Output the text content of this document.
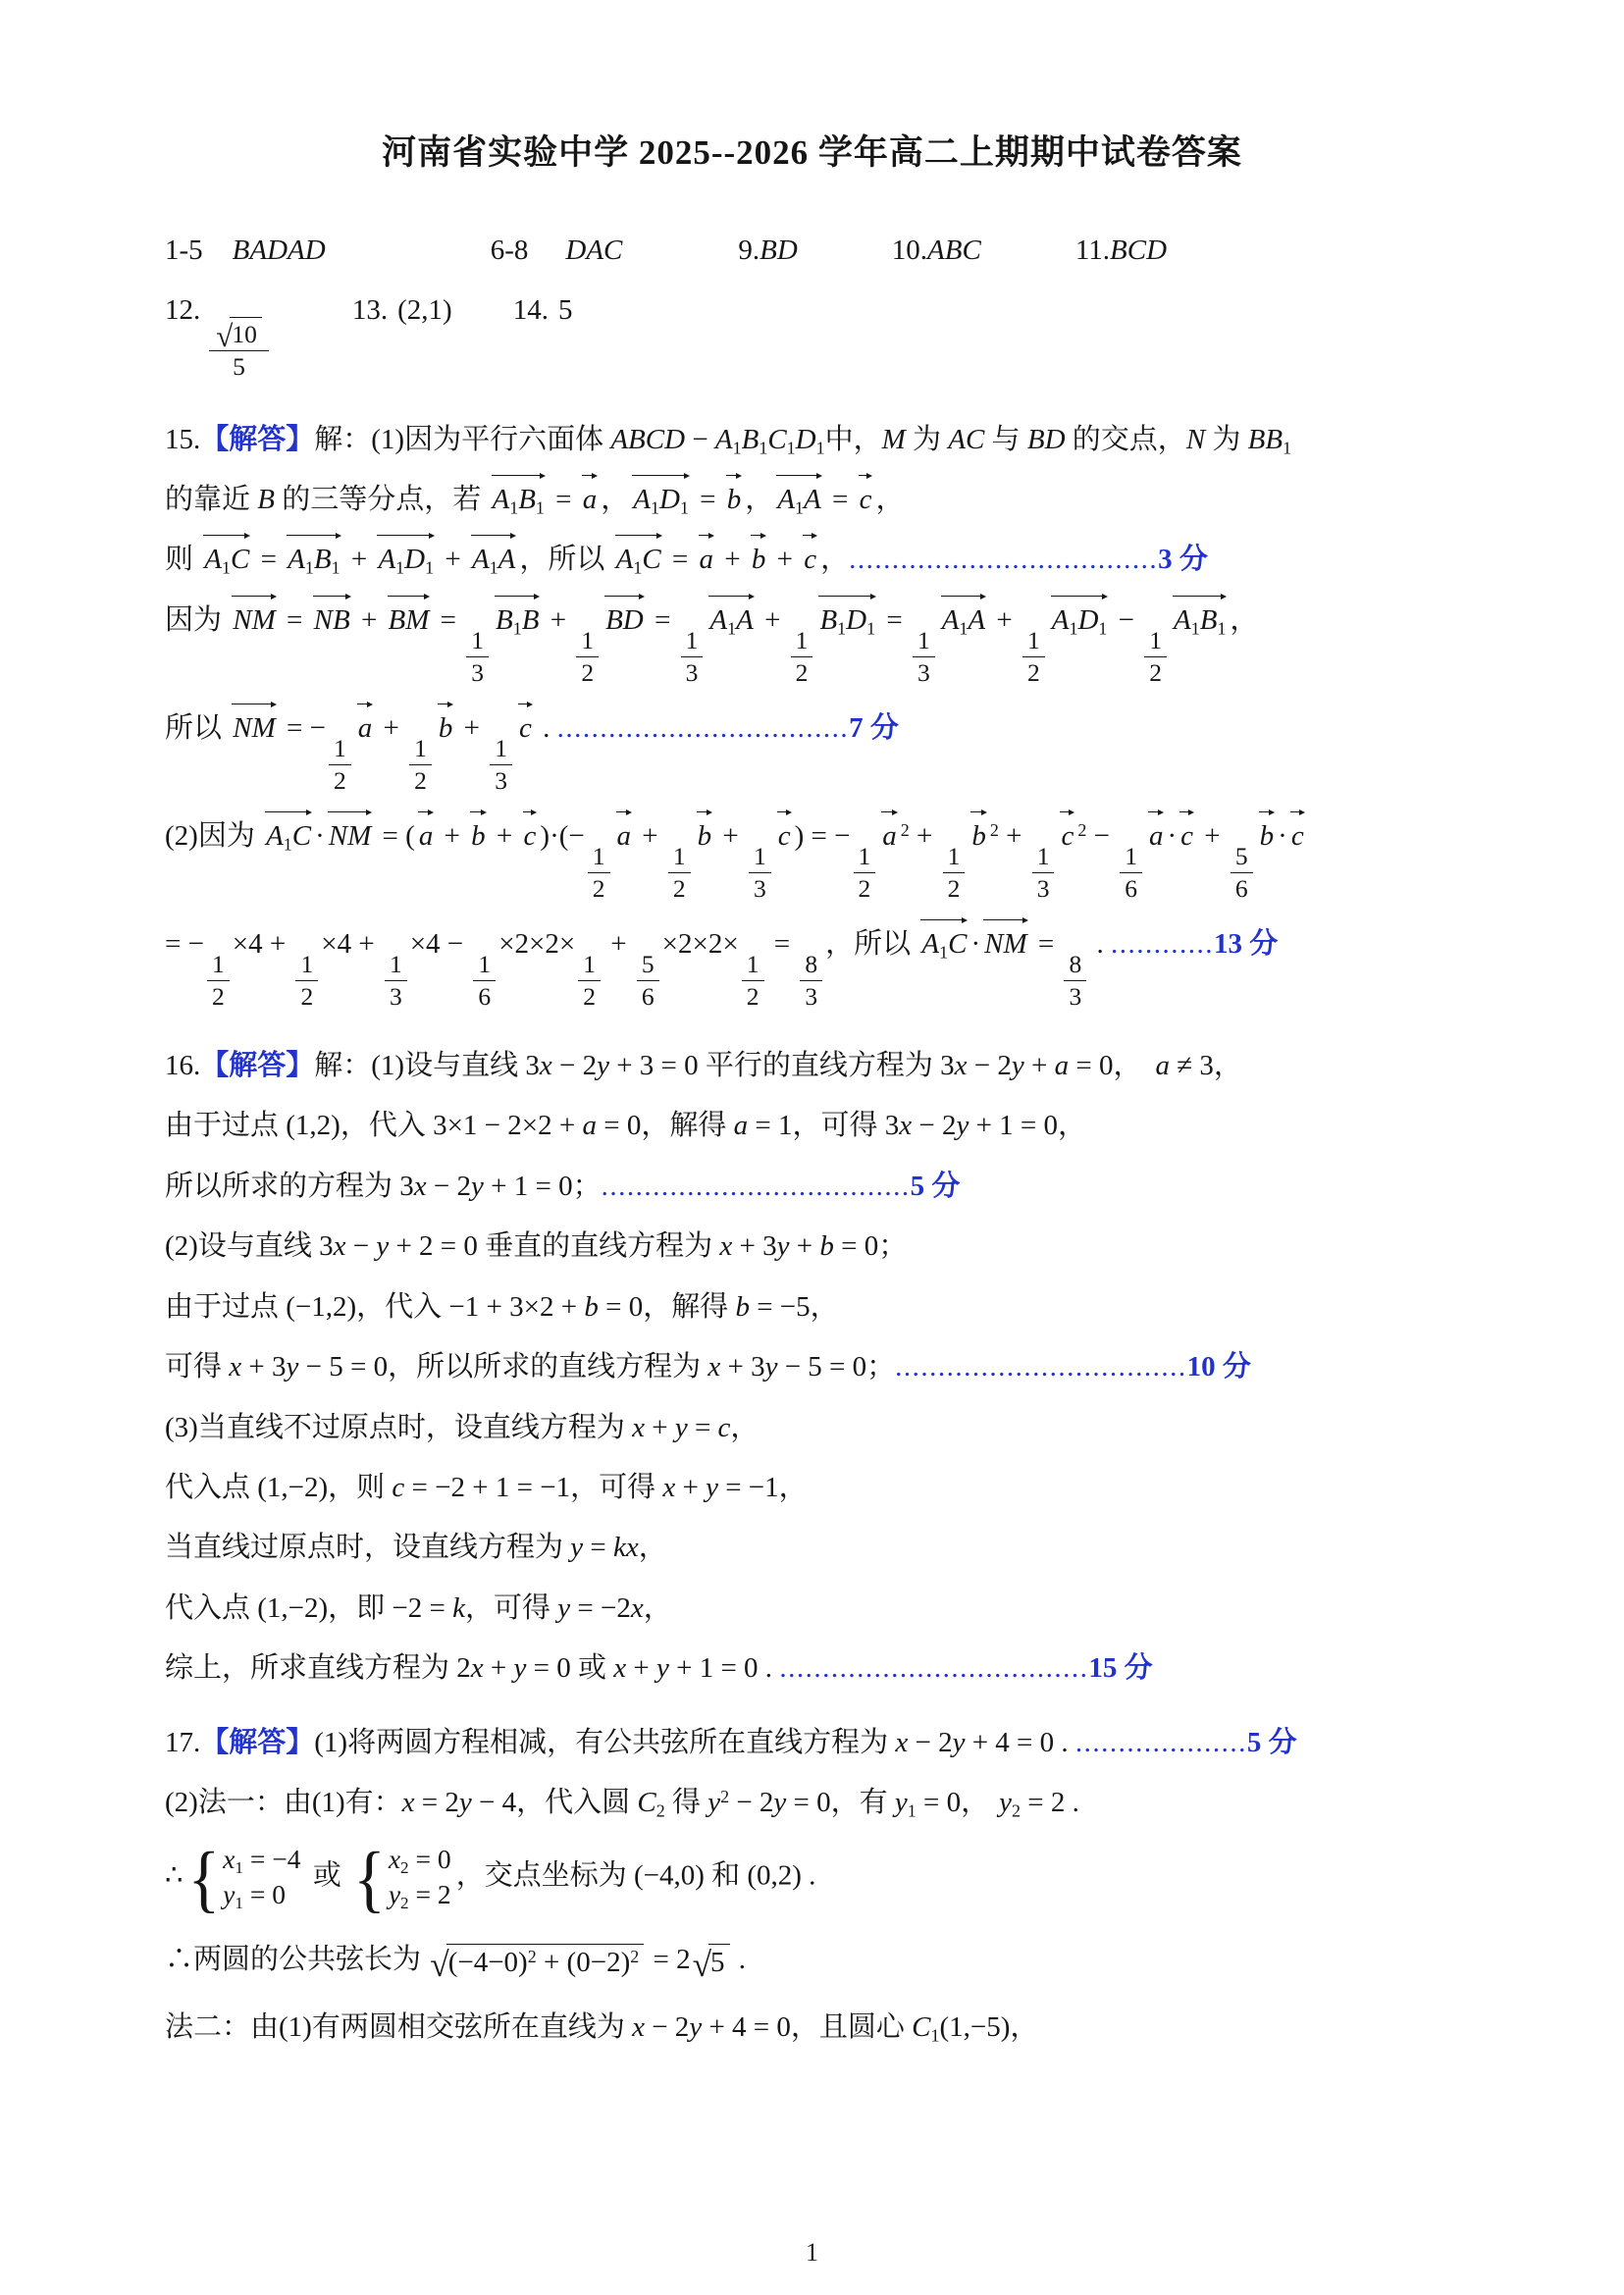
河南省实验中学 2025--2026 学年高二上期期中试卷答案
1-5 BADAD	6-8 DAC	9.BD	10.ABC	11.BCD
12.
$\frac{√ 10}{5}$
13. (2,1) 14. 5
15.【解答】解：(1)因为平行六面体 ABCD − $A_1B_1C_1D_1$中，M 为 AC 与 BD 的交点，N 为 $BB_1$
的靠近 B 的三等分点，若
$A_1B_1$ =
a ， $A_1D_1$ =
b ， $A_1A$ =
c ，
则
$A_1C$ =
$A_1B_1$ +
$A_1D_1$ +
$A_1A$ ，所以
$A_1C$ =
a +
b +
c ，....................................3 分
因为
NM =
NB +
BM =
$\frac{1}{3}$
$B_1B$ +
$\frac{1}{2}$
BD =
$\frac{1}{3}$
$A_1A$ +
$\frac{1}{2}$
$B_1D_1$ =
$\frac{1}{3}$
$A_1A$ +
$\frac{1}{2}$
$A_1D_1$ −
$\frac{1}{2}$
$A_1B_1$ ，
所以
NM = −
$\frac{1}{2}$
a +
$\frac{1}{2}$
b +
$\frac{1}{3}$
c . ..................................7 分
(2)因为
$A_1C$ · NM = ( a +
b +
c )·(−
$\frac{1}{2}$
a +
$\frac{1}{2}$
b +
$\frac{1}{3}$
c ) = −
$\frac{1}{2}$
a $^2$ +
$\frac{1}{2}$
b $^2$ +
$\frac{1}{3}$
c $^2$ −
$\frac{1}{6}$
a · c +
$\frac{5}{6}$
b · c
= −
$\frac{1}{2}$
×4 +
$\frac{1}{2}$
×4 +
$\frac{1}{3}$
×4 −
$\frac{1}{6}$
×2×2×
$\frac{1}{2}$
+
$\frac{5}{6}$
×2×2×
$\frac{1}{2}$
=
$\frac{8}{3}$
，所以
$A_1C$ · NM =
$\frac{8}{3}$
. ............13 分
16.【解答】解：(1)设与直线 3x − 2y + 3 = 0 平行的直线方程为 3x − 2y + a = 0， a ≠ 3，
由于过点 (1,2)，代入 3×1 − 2×2 + a = 0，解得 a = 1，可得 3x − 2y + 1 = 0，
所以所求的方程为 3x − 2y + 1 = 0；....................................5 分
(2)设与直线 3x − y + 2 = 0 垂直的直线方程为 x + 3y + b = 0；
由于过点 (−1,2)，代入 −1 + 3×2 + b = 0，解得 b = −5，
可得 x + 3y − 5 = 0，所以所求的直线方程为 x + 3y − 5 = 0；..................................10 分
(3)当直线不过原点时，设直线方程为 x + y = c，
代入点 (1,−2)，则 c = −2 + 1 = −1，可得 x + y = −1，
当直线过原点时，设直线方程为 y = kx，
代入点 (1,−2)，即 −2 = k，可得 y = −2x，
综上，所求直线方程为 2x + y = 0 或 x + y + 1 = 0 . ....................................15 分
17.【解答】(1)将两圆方程相减，有公共弦所在直线方程为 x − 2y + 4 = 0 . ....................5 分
(2)法一：由(1)有：x = 2y − 4，代入圆 $C_2$ 得 $y^2 - 2y = 0$，有 $y_1 = 0$， $y_2 = 2$ .
∴ { $x_1 = -4$
$y_1 = 0$
或 { $x_2 = 0$
$y_2 = 2$
，交点坐标为 (−4,0) 和 (0,2) .
∴两圆的公共弦长为 √ $(-4-0)^2 + (0-2)^2 = 2$ √ 5 .
法二：由(1)有两圆相交弦所在直线为 x − 2y + 4 = 0，且圆心 $C_1(1,-5)$，
1
